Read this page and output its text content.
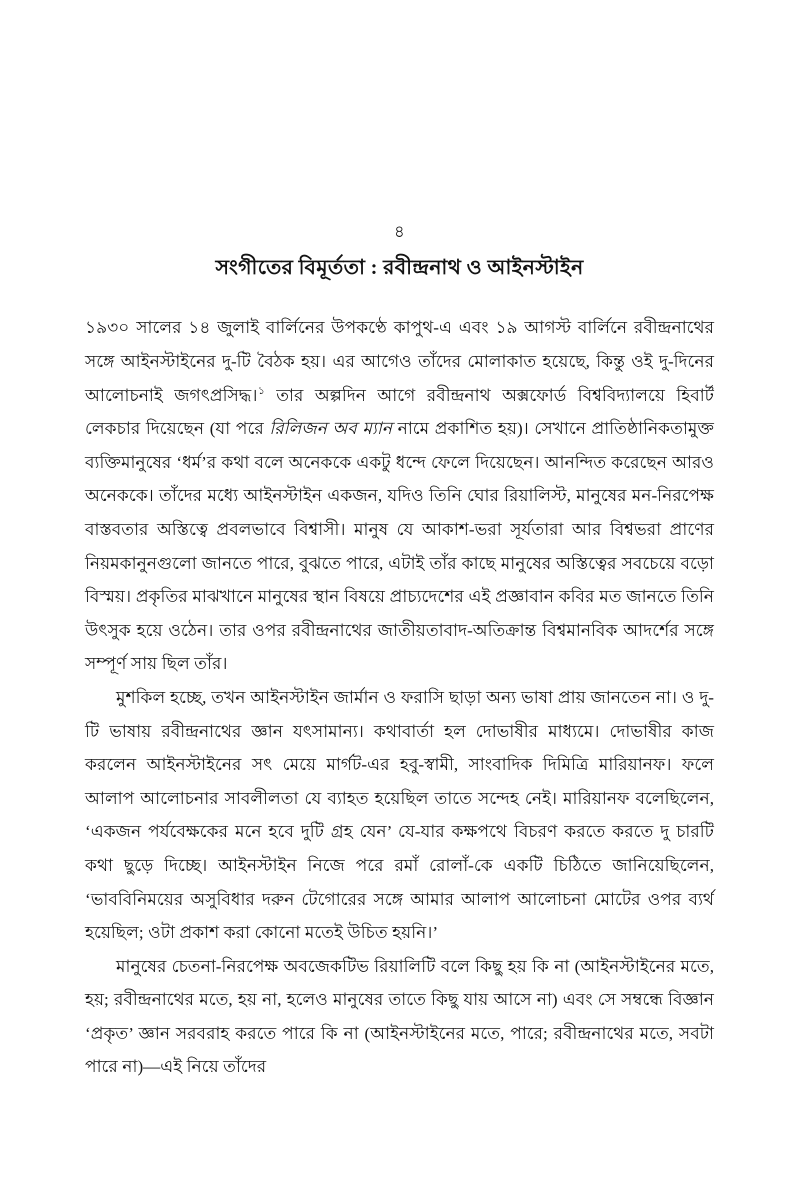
৪
সংগীতের বিমূর্ততা : রবীন্দ্রনাথ ও আইনস্টাইন

১৯৩০ সালের ১৪ জুলাই বার্লিনের উপকণ্ঠে কাপুথ-এ এবং ১৯ আগস্ট বার্লিনে রবীন্দ্রনাথের সঙ্গে আইনস্টাইনের দু-টি বৈঠক হয়। এর আগেও তাঁদের মোলাকাত হয়েছে, কিন্তু ওই দু-দিনের আলোচনাই জগৎপ্রসিদ্ধ।$^১$ তার অল্পদিন আগে রবীন্দ্রনাথ অক্সফোর্ড বিশ্ববিদ্যালয়ে হিবার্ট লেকচার দিয়েছেন (যা পরে রিলিজন অব ম্যান নামে প্রকাশিত হয়)। সেখানে প্রাতিষ্ঠানিকতামুক্ত ব্যক্তিমানুষের ‘ধর্ম’র কথা বলে অনেককে একটু ধন্দে ফেলে দিয়েছেন। আনন্দিত করেছেন আরও অনেককে। তাঁদের মধ্যে আইনস্টাইন একজন, যদিও তিনি ঘোর রিয়ালিস্ট, মানুষের মন-নিরপেক্ষ বাস্তবতার অস্তিত্বে প্রবলভাবে বিশ্বাসী। মানুষ যে আকাশ-ভরা সূর্যতারা আর বিশ্বভরা প্রাণের নিয়মকানুনগুলো জানতে পারে, বুঝতে পারে, এটাই তাঁর কাছে মানুষের অস্তিত্বের সবচেয়ে বড়ো বিস্ময়। প্রকৃতির মাঝখানে মানুষের স্থান বিষয়ে প্রাচ্যদেশের এই প্রজ্ঞাবান কবির মত জানতে তিনি উৎসুক হয়ে ওঠেন। তার ওপর রবীন্দ্রনাথের জাতীয়তাবাদ-অতিক্রান্ত বিশ্বমানবিক আদর্শের সঙ্গে সম্পূর্ণ সায় ছিল তাঁর।

মুশকিল হচ্ছে, তখন আইনস্টাইন জার্মান ও ফরাসি ছাড়া অন্য ভাষা প্রায় জানতেন না। ও দু-টি ভাষায় রবীন্দ্রনাথের জ্ঞান যৎসামান্য। কথাবার্তা হল দোভাষীর মাধ্যমে। দোভাষীর কাজ করলেন আইনস্টাইনের সৎ মেয়ে মার্গট-এর হবু-স্বামী, সাংবাদিক দিমিত্রি মারিয়ানফ। ফলে আলাপ আলোচনার সাবলীলতা যে ব্যাহত হয়েছিল তাতে সন্দেহ নেই। মারিয়ানফ বলেছিলেন, ‘একজন পর্যবেক্ষকের মনে হবে দুটি গ্রহ যেন’ যে-যার কক্ষপথে বিচরণ করতে করতে দু চারটি কথা ছুড়ে দিচ্ছে। আইনস্টাইন নিজে পরে রমাঁ রোলাঁ-কে একটি চিঠিতে জানিয়েছিলেন, ‘ভাববিনিময়ের অসুবিধার দরুন টেগোরের সঙ্গে আমার আলাপ আলোচনা মোটের ওপর ব্যর্থ হয়েছিল; ওটা প্রকাশ করা কোনো মতেই উচিত হয়নি।’

মানুষের চেতনা-নিরপেক্ষ অবজেকটিভ রিয়ালিটি বলে কিছু হয় কি না (আইনস্টাইনের মতে, হয়; রবীন্দ্রনাথের মতে, হয় না, হলেও মানুষের তাতে কিছু যায় আসে না) এবং সে সম্বন্ধে বিজ্ঞান ‘প্রকৃত’ জ্ঞান সরবরাহ করতে পারে কি না (আইনস্টাইনের মতে, পারে; রবীন্দ্রনাথের মতে, সবটা পারে না)—এই নিয়ে তাঁদের
